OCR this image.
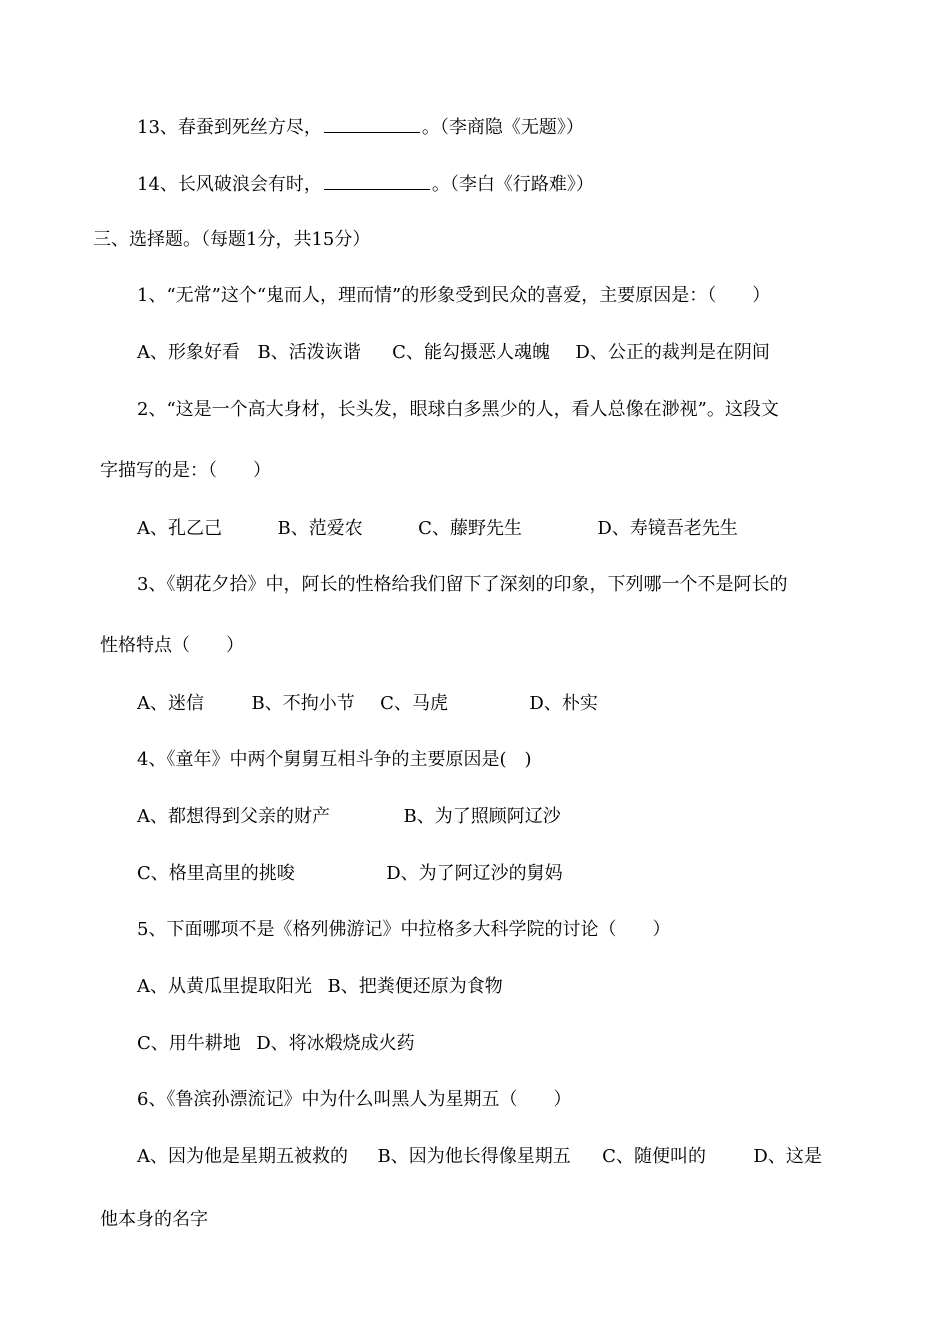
13、春蚕到死丝方尽，	。（李商隐《无题》）
14、长风破浪会有时，	。（李白《行路难》）
三、选择题。（每题1分，共15分）
1、“无常”这个“鬼而人，理而情”的形象受到民众的喜爱，主要原因是：（　　）
A、形象好看 B、活泼诙谐 C、能勾摄恶人魂魄 D、公正的裁判是在阴间
2、“这是一个高大身材，长头发，眼球白多黑少的人，看人总像在渺视”。这段文
字描写的是：（　　）
A、孔乙己	B、范爱农	C、藤野先生	D、寿镜吾老先生
3、《朝花夕拾》中，阿长的性格给我们留下了深刻的印象，下列哪一个不是阿长的
性格特点（　　）
A、迷信	B、不拘小节 C、马虎	D、朴实
4、《童年》中两个舅舅互相斗争的主要原因是(　)
A、都想得到父亲的财产	B、为了照顾阿辽沙
C、格里高里的挑唆	D、为了阿辽沙的舅妈
5、下面哪项不是《格列佛游记》中拉格多大科学院的讨论（　　）
A、从黄瓜里提取阳光 B、把粪便还原为食物
C、用牛耕地 D、将冰煅烧成火药
6、《鲁滨孙漂流记》中为什么叫黑人为星期五（　　）
A、因为他是星期五被救的 B、因为他长得像星期五 C、随便叫的	D、这是
他本身的名字
